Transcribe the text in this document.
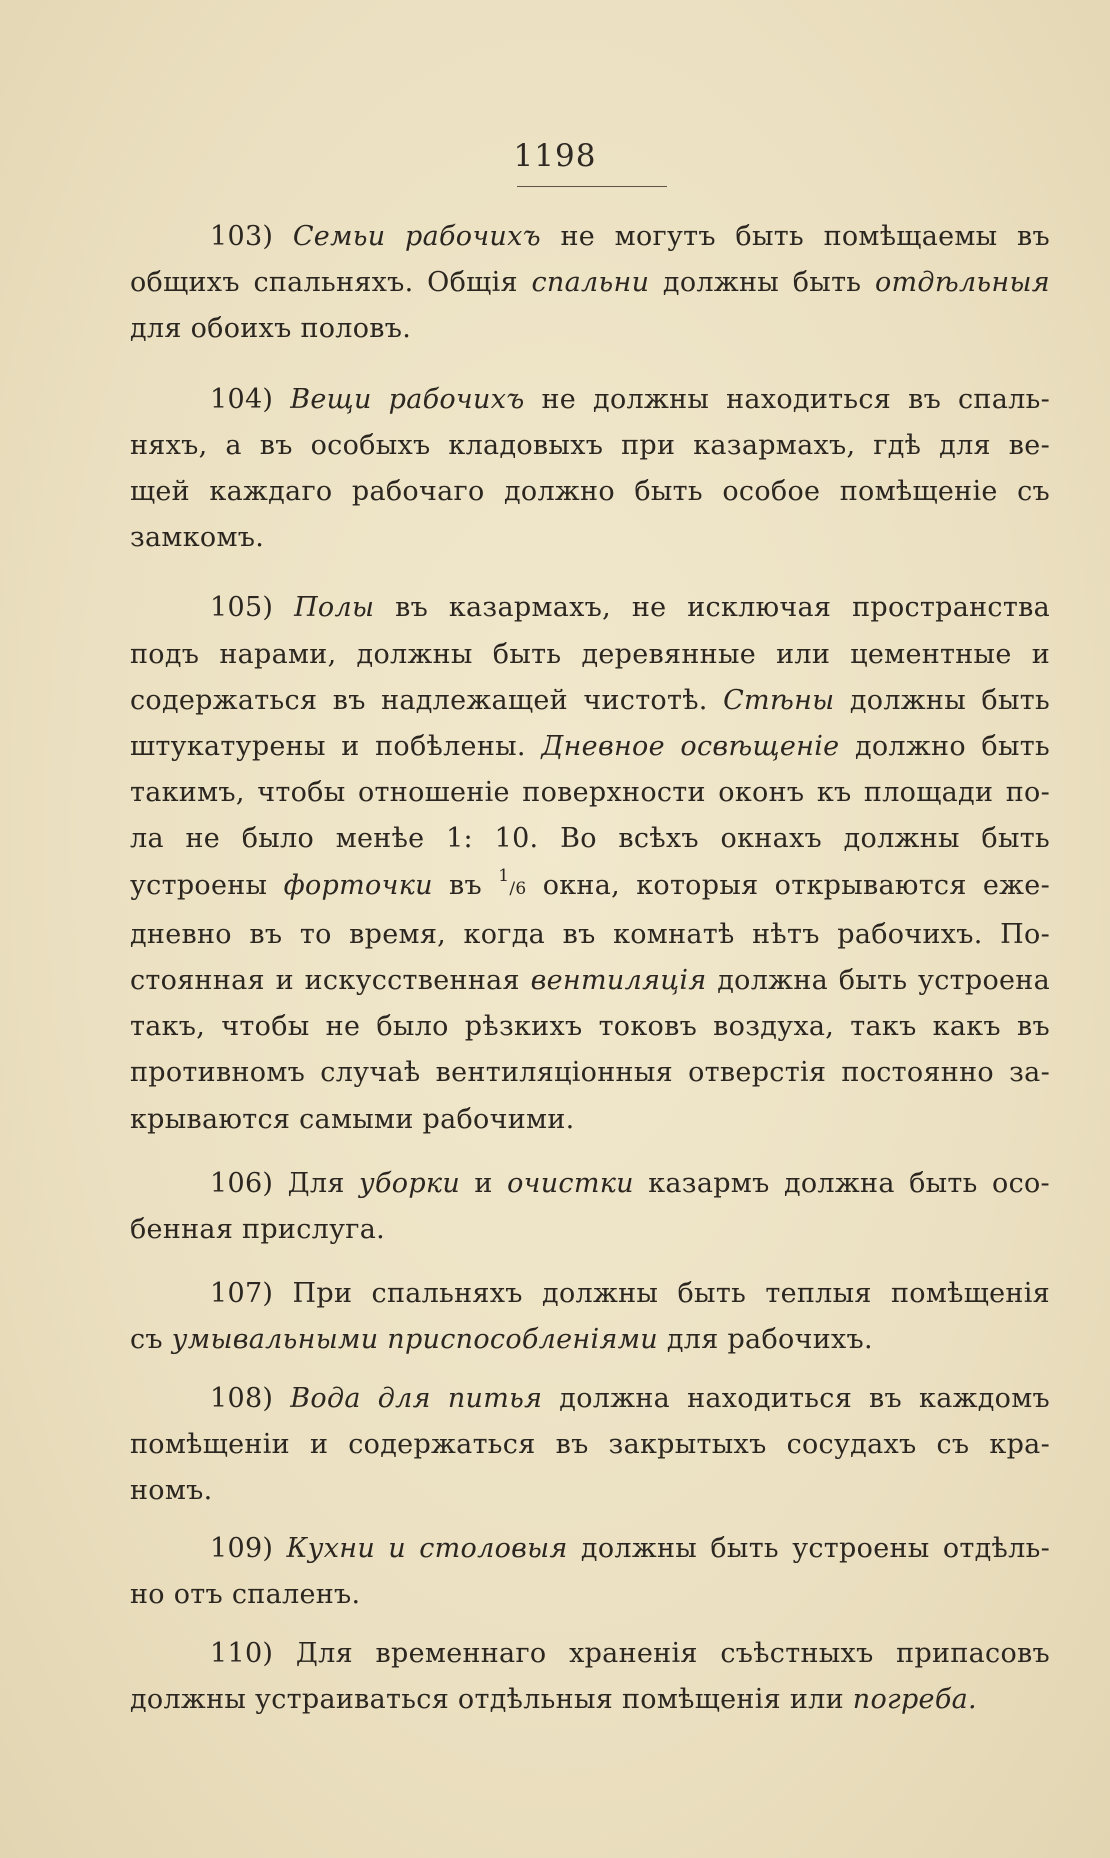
1198
103) Семьи рабочихъ не могутъ быть помѣщаемы въ
общихъ спальняхъ. Общія спальни должны быть отдѣльныя
для обоихъ половъ.
104) Вещи рабочихъ не должны находиться въ спаль-
няхъ, а въ особыхъ кладовыхъ при казармахъ, гдѣ для ве-
щей каждаго рабочаго должно быть особое помѣщеніе съ
замкомъ.
105) Полы въ казармахъ, не исключая пространства
подъ нарами, должны быть деревянные или цементные и
содержаться въ надлежащей чистотѣ. Стѣны должны быть
штукатурены и побѣлены. Дневное освѣщеніе должно быть
такимъ, чтобы отношеніе поверхности оконъ къ площади по-
ла не было менѣе 1: 10. Во всѣхъ окнахъ должны быть
устроены форточки въ $^1$/6 окна, которыя открываются еже-
дневно въ то время, когда въ комнатѣ нѣтъ рабочихъ. По-
стоянная и искусственная вентиляція должна быть устроена
такъ, чтобы не было рѣзкихъ токовъ воздуха, такъ какъ въ
противномъ случаѣ вентиляціонныя отверстія постоянно за-
крываются самыми рабочими.
106) Для уборки и очистки казармъ должна быть осо-
бенная прислуга.
107) При спальняхъ должны быть теплыя помѣщенія
съ умывальными приспособленіями для рабочихъ.
108) Вода для питья должна находиться въ каждомъ
помѣщеніи и содержаться въ закрытыхъ сосудахъ съ кра-
номъ.
109) Кухни и столовыя должны быть устроены отдѣль-
но отъ спаленъ.
110) Для временнаго храненія съѣстныхъ припасовъ
должны устраиваться отдѣльныя помѣщенія или погреба.
